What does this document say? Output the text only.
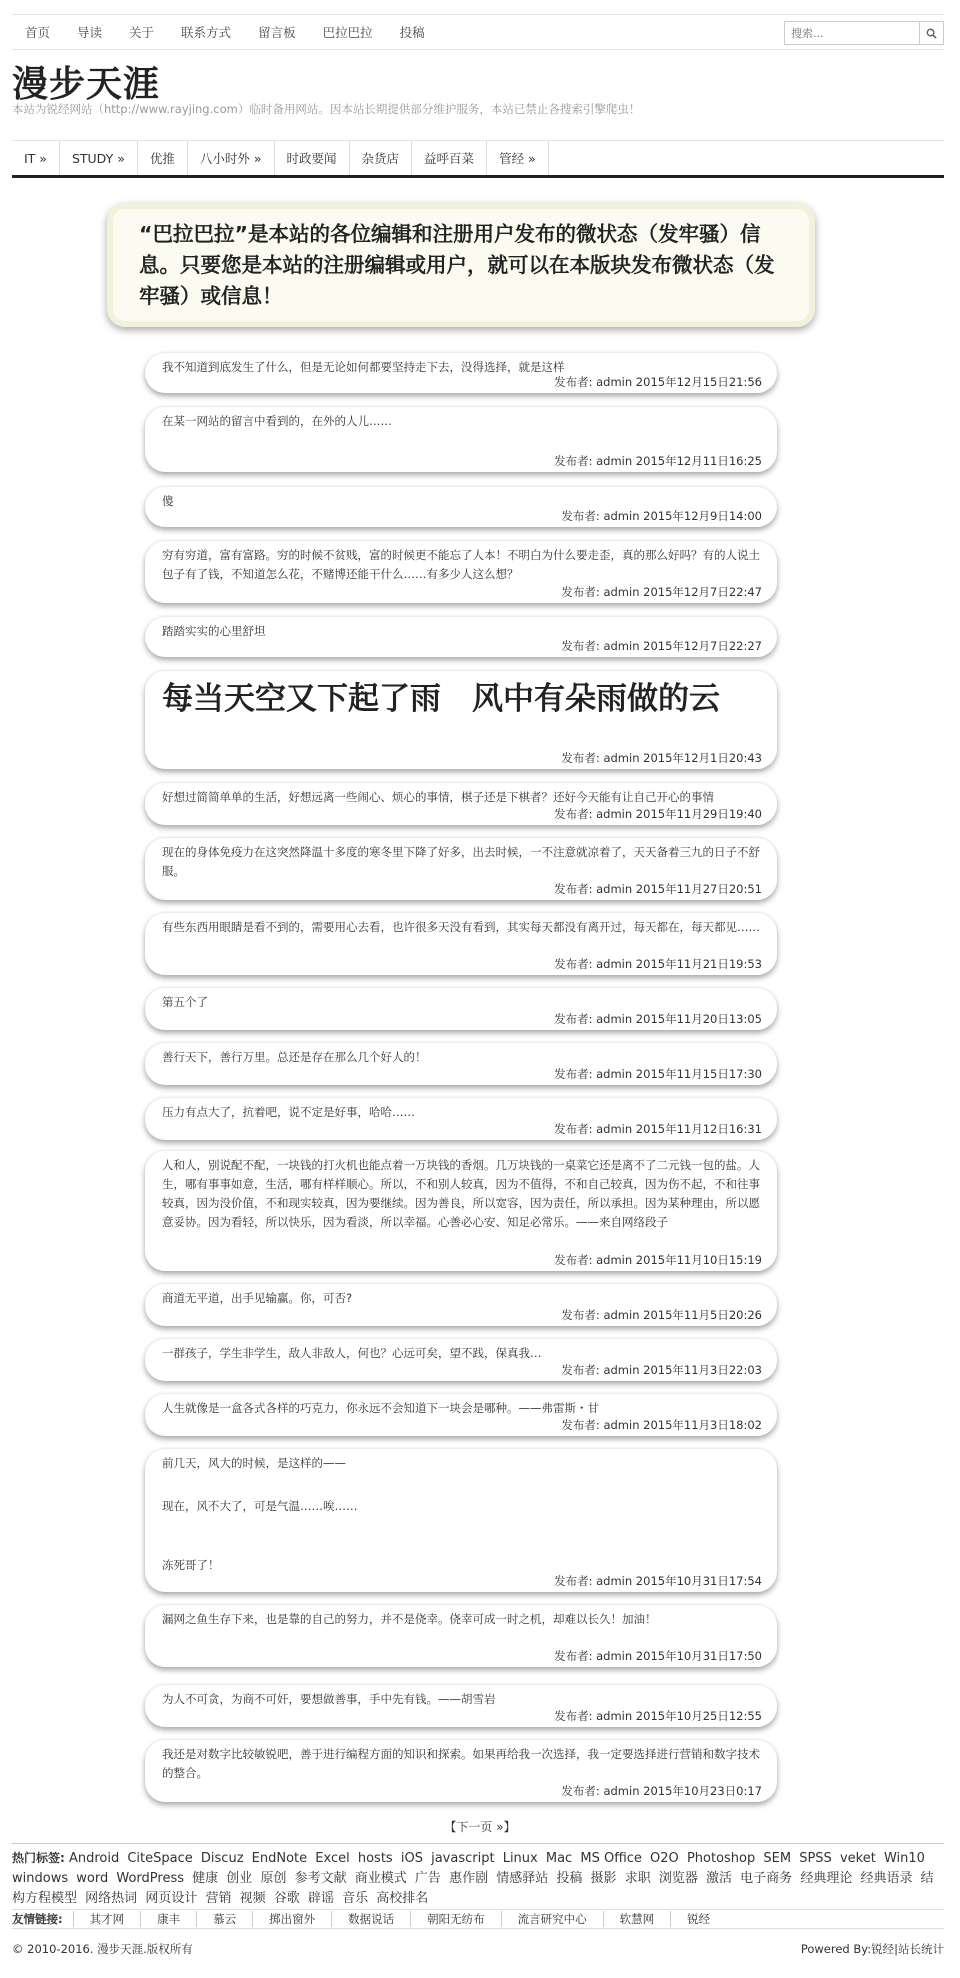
首页 导读 关于 联系方式 留言板 巴拉巴拉 投稿
搜索...
漫步天涯
本站为锐经网站（http://www.rayjing.com）临时备用网站。因本站长期提供部分维护服务，本站已禁止各搜索引擎爬虫！
IT »	STUDY »	优推	八小时外 »	时政要闻	杂货店	益呼百菜	管经 »

“巴拉巴拉”是本站的各位编辑和注册用户发布的微状态（发牢骚）信息。只要您是本站的注册编辑或用户，就可以在本版块发布微状态（发牢骚）或信息！

我不知道到底发生了什么，但是无论如何都要坚持走下去，没得选择，就是这样
发布者: admin 2015年12月15日21:56
在某一网站的留言中看到的，在外的人儿……
发布者: admin 2015年12月11日16:25
傻
发布者: admin 2015年12月9日14:00
穷有穷道，富有富路。穷的时候不贫贱，富的时候更不能忘了人本！不明白为什么要走歪，真的那么好吗？有的人说土包子有了钱，不知道怎么花，不赌博还能干什么……有多少人这么想？
发布者: admin 2015年12月7日22:47
踏踏实实的心里舒坦
发布者: admin 2015年12月7日22:27
每当天空又下起了雨　风中有朵雨做的云
发布者: admin 2015年12月1日20:43
好想过简简单单的生活，好想远离一些闹心、烦心的事情，棋子还是下棋者？还好今天能有让自己开心的事情
发布者: admin 2015年11月29日19:40
现在的身体免疫力在这突然降温十多度的寒冬里下降了好多，出去时候，一不注意就凉着了，天天备着三九的日子不舒服。
发布者: admin 2015年11月27日20:51
有些东西用眼睛是看不到的，需要用心去看，也许很多天没有看到，其实每天都没有离开过，每天都在，每天都见……
发布者: admin 2015年11月21日19:53
第五个了
发布者: admin 2015年11月20日13:05
善行天下，善行万里。总还是存在那么几个好人的！
发布者: admin 2015年11月15日17:30
压力有点大了，抗着吧，说不定是好事，哈哈……
发布者: admin 2015年11月12日16:31
人和人，别说配不配，一块钱的打火机也能点着一万块钱的香烟。几万块钱的一桌菜它还是离不了二元钱一包的盐。人生，哪有事事如意，生活，哪有样样顺心。所以，不和别人较真，因为不值得，不和自己较真，因为伤不起，不和往事较真，因为没价值，不和现实较真，因为要继续。因为善良，所以宽容，因为责任，所以承担。因为某种理由，所以愿意妥协。因为看轻，所以快乐，因为看淡，所以幸福。心善必心安、知足必常乐。——来自网络段子
发布者: admin 2015年11月10日15:19
商道无平道，出手见输赢。你，可否?
发布者: admin 2015年11月5日20:26
一群孩子，学生非学生，敌人非敌人，何也？心远可矣，望不践，保真我…
发布者: admin 2015年11月3日22:03
人生就像是一盒各式各样的巧克力，你永远不会知道下一块会是哪种。——弗雷斯・甘
发布者: admin 2015年11月3日18:02
前几天，风大的时候，是这样的——
现在，风不大了，可是气温……唉……
冻死哥了！
发布者: admin 2015年10月31日17:54
漏网之鱼生存下来，也是靠的自己的努力，并不是侥幸。侥幸可成一时之机，却难以长久！加油！
发布者: admin 2015年10月31日17:50
为人不可贪，为商不可奸，要想做善事，手中先有钱。——胡雪岩
发布者: admin 2015年10月25日12:55
我还是对数字比较敏锐吧，善于进行编程方面的知识和探索。如果再给我一次选择，我一定要选择进行营销和数字技术的整合。
发布者: admin 2015年10月23日0:17
【下一页 »】
热门标签: Android CiteSpace Discuz EndNote Excel hosts iOS javascript Linux Mac MS Office O2O Photoshop SEM SPSS veket Win10 windows word WordPress 健康 创业 原创 参考文献 商业模式 广告 惠作剧 情感驿站 投稿 摄影 求职 浏览器 激活 电子商务 经典理论 经典语录 结构方程模型 网络热词 网页设计 营销 视频 谷歌 辟谣 音乐 高校排名
友情链接:	其才网	康丰	慕云	掷出窗外	数据说话	朝阳无纺布	流言研究中心	软慧网	锐经
© 2010-2016. 漫步天涯.版权所有	Powered By:锐经|站长统计
